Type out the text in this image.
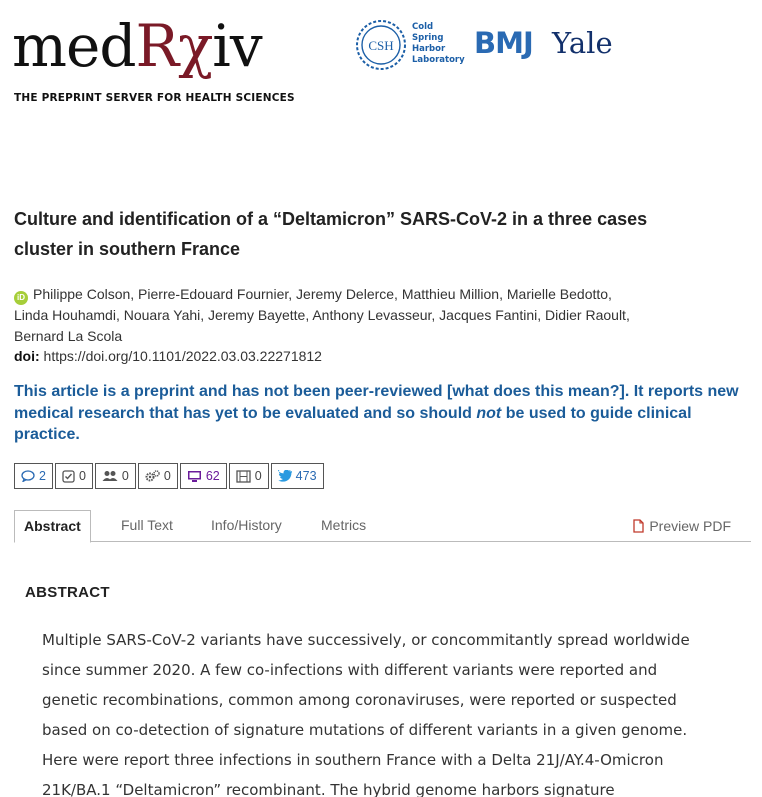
medRχiv
THE PREPRINT SERVER FOR HEALTH SCIENCES
CSH
Cold
Spring
Harbor
Laboratory BMJ Yale
Culture and identification of a “Deltamicron” SARS-CoV-2 in a three cases
cluster in southern France
iD Philippe Colson, Pierre-Edouard Fournier, Jeremy Delerce, Matthieu Million, Marielle Bedotto,
Linda Houhamdi, Nouara Yahi, Jeremy Bayette, Anthony Levasseur, Jacques Fantini, Didier Raoult,
Bernard La Scola
doi: https://doi.org/10.1101/2022.03.03.22271812
This article is a preprint and has not been peer-reviewed [what does this mean?]. It reports new medical research that has yet to be evaluated and so should not be used to guide clinical practice.
2	0	0	0	62	0	473
Abstract	Full Text	Info/History	Metrics	Preview PDF
ABSTRACT
Multiple SARS-CoV-2 variants have successively, or concommitantly spread worldwide
since summer 2020. A few co-infections with different variants were reported and
genetic recombinations, common among coronaviruses, were reported or suspected
based on co-detection of signature mutations of different variants in a given genome.
Here were report three infections in southern France with a Delta 21J/AY.4-Omicron
21K/BA.1 “Deltamicron” recombinant. The hybrid genome harbors signature
